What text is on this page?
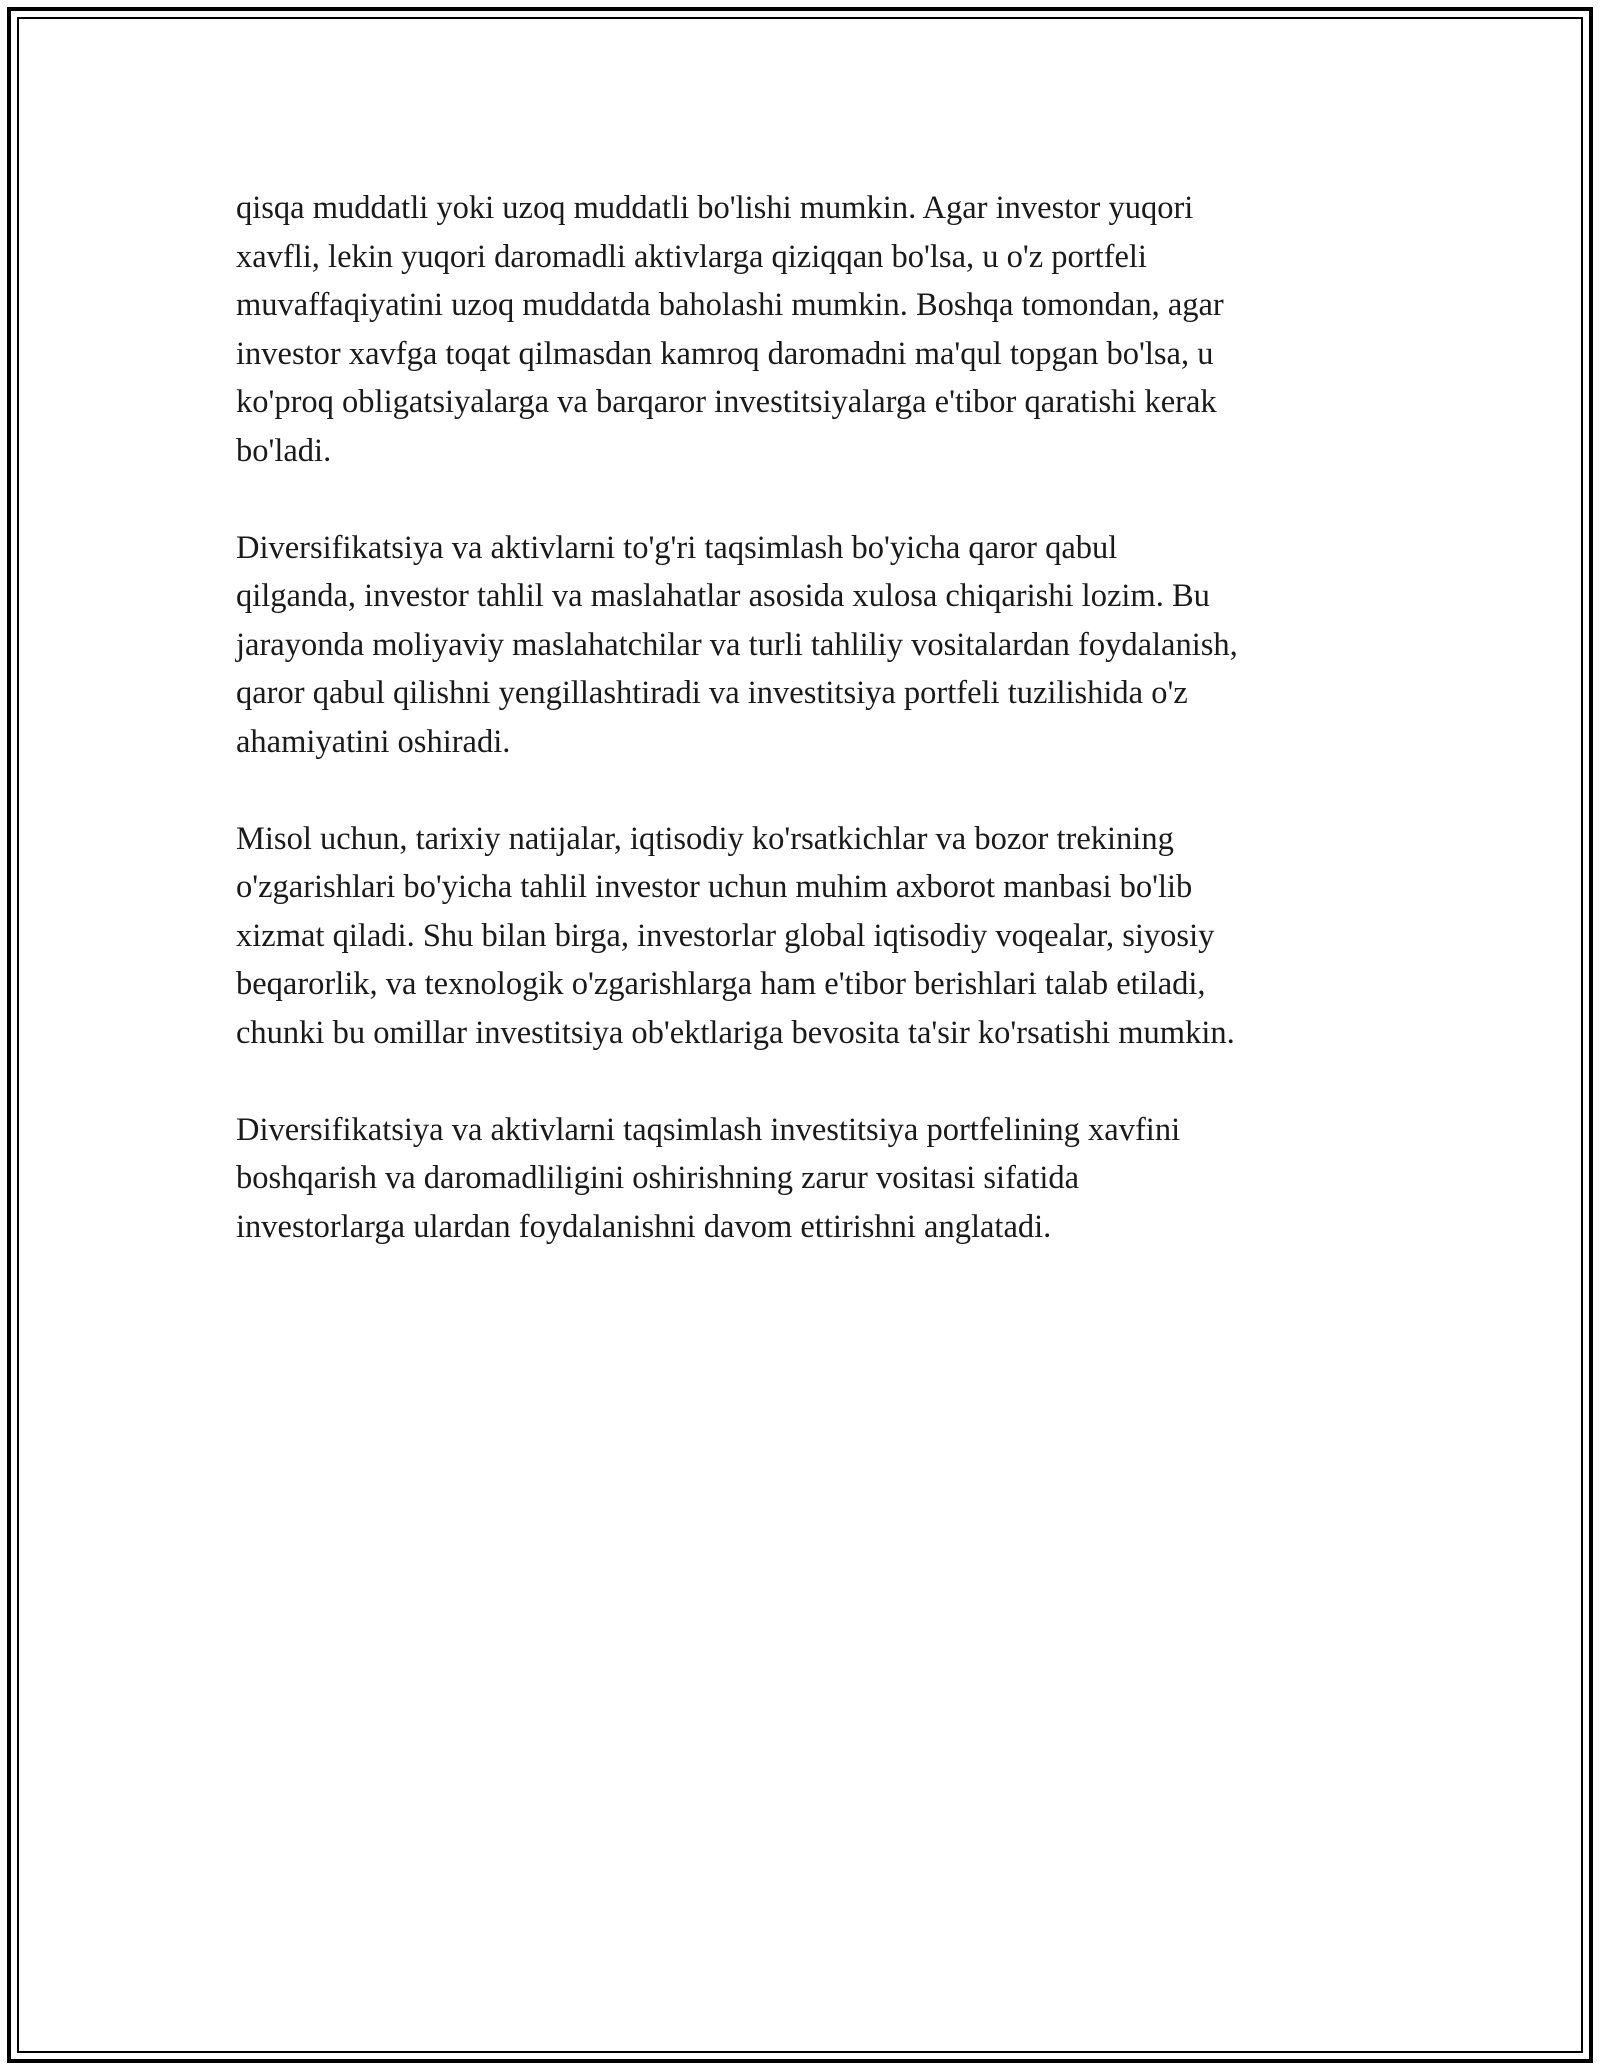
qisqa muddatli yoki uzoq muddatli bo'lishi mumkin. Agar investor yuqori
xavfli, lekin yuqori daromadli aktivlarga qiziqqan bo'lsa, u o'z portfeli
muvaffaqiyatini uzoq muddatda baholashi mumkin. Boshqa tomondan, agar
investor xavfga toqat qilmasdan kamroq daromadni ma'qul topgan bo'lsa, u
ko'proq obligatsiyalarga va barqaror investitsiyalarga e'tibor qaratishi kerak
bo'ladi.

Diversifikatsiya va aktivlarni to'g'ri taqsimlash bo'yicha qaror qabul
qilganda, investor tahlil va maslahatlar asosida xulosa chiqarishi lozim. Bu
jarayonda moliyaviy maslahatchilar va turli tahliliy vositalardan foydalanish,
qaror qabul qilishni yengillashtiradi va investitsiya portfeli tuzilishida o'z
ahamiyatini oshiradi.

Misol uchun, tarixiy natijalar, iqtisodiy ko'rsatkichlar va bozor trekining
o'zgarishlari bo'yicha tahlil investor uchun muhim axborot manbasi bo'lib
xizmat qiladi. Shu bilan birga, investorlar global iqtisodiy voqealar, siyosiy
beqarorlik, va texnologik o'zgarishlarga ham e'tibor berishlari talab etiladi,
chunki bu omillar investitsiya ob'ektlariga bevosita ta'sir ko'rsatishi mumkin.

Diversifikatsiya va aktivlarni taqsimlash investitsiya portfelining xavfini
boshqarish va daromadliligini oshirishning zarur vositasi sifatida
investorlarga ulardan foydalanishni davom ettirishni anglatadi.
